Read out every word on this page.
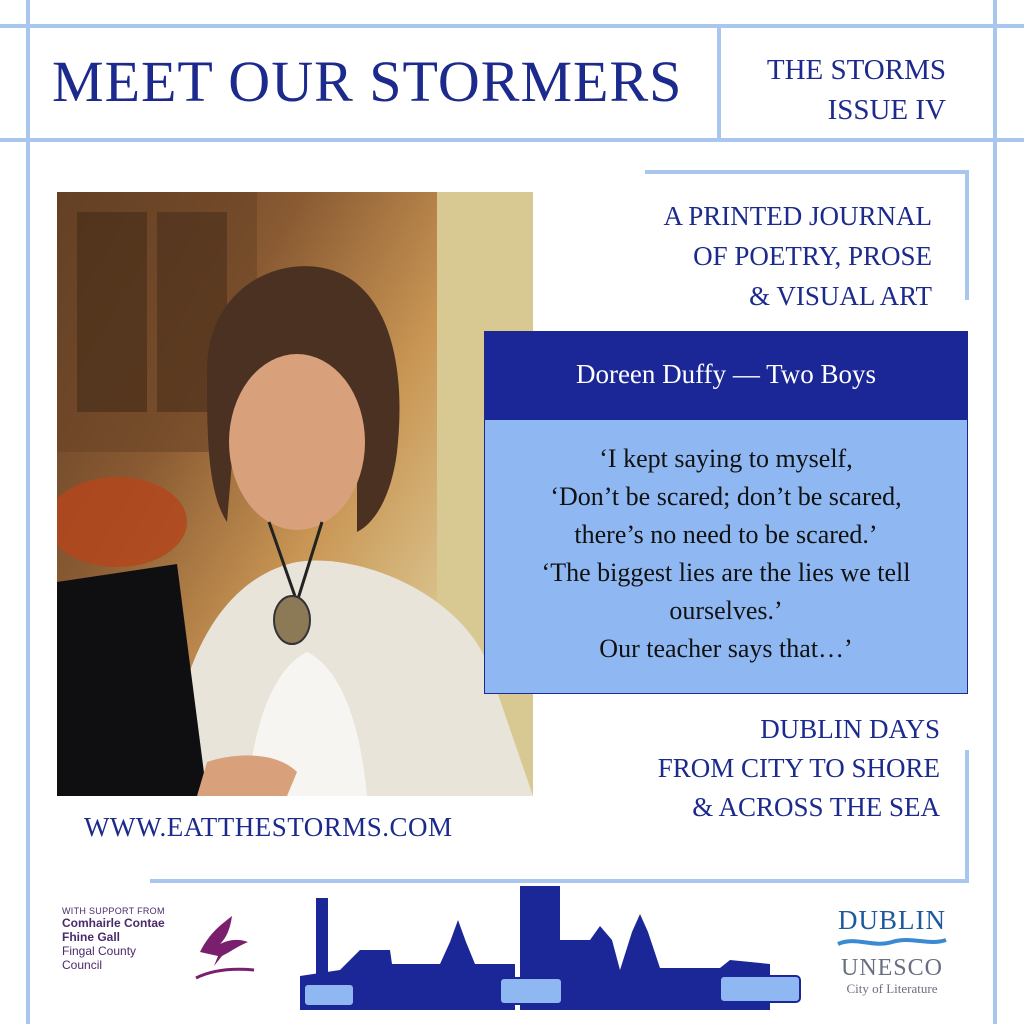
MEET OUR STORMERS	THE STORMS
ISSUE IV
A PRINTED JOURNAL
OF POETRY, PROSE
& VISUAL ART
Doreen Duffy — Two Boys
‘I kept saying to myself,
‘Don’t be scared; don’t be scared,
there’s no need to be scared.’
‘The biggest lies are the lies we tell
ourselves.’
Our teacher says that…’
DUBLIN DAYS
FROM CITY TO SHORE
& ACROSS THE SEA
WWW.EATTHESTORMS.COM
WITH SUPPORT FROM
Comhairle Contae
Fhine Gall
Fingal County
Council
DUBLIN
UNESCO
City of Literature
